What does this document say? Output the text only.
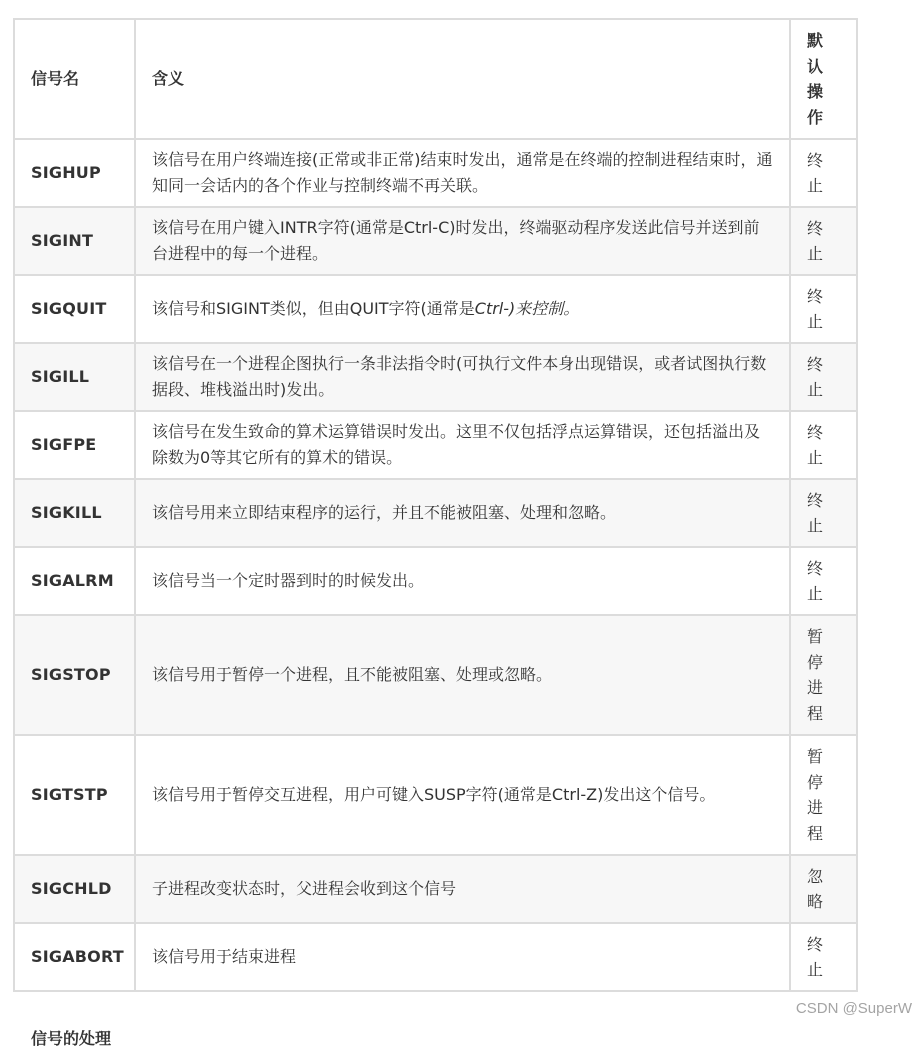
信号名	含义	默认操作

SIGHUP	该信号在用户终端连接(正常或非正常)结束时发出，通常是在终端的控制进程结束时，通知同一会话内的各个作业与控制终端不再关联。	终止

SIGINT	该信号在用户键入INTR字符(通常是Ctrl-C)时发出，终端驱动程序发送此信号并送到前台进程中的每一个进程。	终止

SIGQUIT	该信号和SIGINT类似，但由QUIT字符(通常是Ctrl-)来控制。	终止

SIGILL	该信号在一个进程企图执行一条非法指令时(可执行文件本身出现错误，或者试图执行数据段、堆栈溢出时)发出。	终止

SIGFPE	该信号在发生致命的算术运算错误时发出。这里不仅包括浮点运算错误，还包括溢出及除数为0等其它所有的算术的错误。	终止

SIGKILL	该信号用来立即结束程序的运行，并且不能被阻塞、处理和忽略。	终止

SIGALRM	该信号当一个定时器到时的时候发出。	终止

SIGSTOP	该信号用于暂停一个进程，且不能被阻塞、处理或忽略。	暂停进程

SIGTSTP	该信号用于暂停交互进程，用户可键入SUSP字符(通常是Ctrl-Z)发出这个信号。	暂停进程

SIGCHLD	子进程改变状态时，父进程会收到这个信号	忽略

SIGABORT	该信号用于结束进程	终止
CSDN @SuperW
信号的处理
